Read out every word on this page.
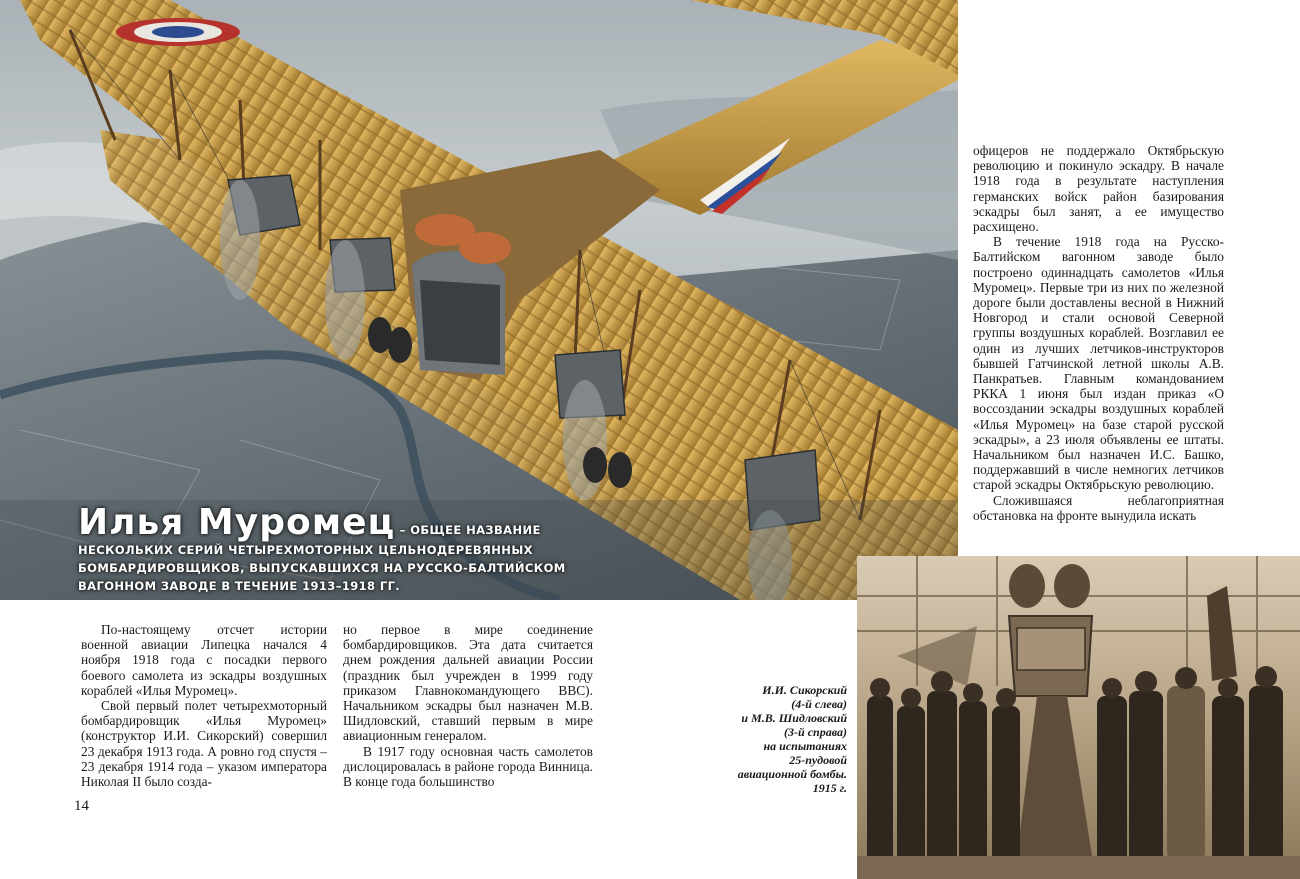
Илья Муромец – ОБЩЕЕ НАЗВАНИЕ НЕСКОЛЬКИХ СЕРИЙ ЧЕТЫРЕХМОТОРНЫХ ЦЕЛЬНОДЕРЕВЯННЫХ БОМБАРДИРОВЩИКОВ, ВЫПУСКАВШИХСЯ НА РУССКО-БАЛТИЙСКОМ ВАГОННОМ ЗАВОДЕ В ТЕЧЕНИЕ 1913–1918 ГГ.

офицеров не поддержало Октябрьскую революцию и покинуло эскадру. В начале 1918 года в результате наступления германских войск район базирования эскадры был занят, а ее имущество расхищено.

В течение 1918 года на Русско-Балтийском вагонном заводе было построено одиннадцать самолетов «Илья Муромец». Первые три из них по железной дороге были доставлены весной в Нижний Новгород и стали основой Северной группы воздушных кораблей. Возглавил ее один из лучших летчиков-инструкторов бывшей Гатчинской летной школы А.В. Панкратьев. Главным командованием РККА 1 июня был издан приказ «О воссоздании эскадры воздушных кораблей «Илья Муромец» на базе старой русской эскадры», а 23 июля объявлены ее штаты. Начальником был назначен И.С. Башко, поддержавший в числе немногих летчиков старой эскадры Октябрьскую революцию.

Сложившаяся неблагоприятная обстановка на фронте вынудила искать

По-настоящему отсчет истории военной авиации Липецка начался 4 ноября 1918 года с посадки первого боевого самолета из эскадры воздушных кораблей «Илья Муромец».

Свой первый полет четырехмоторный бомбардировщик «Илья Муромец» (конструктор И.И. Сикорский) совершил 23 декабря 1913 года. А ровно год спустя – 23 декабря 1914 года – указом императора Николая II было созда-

но первое в мире соединение бомбардировщиков. Эта дата считается днем рождения дальней авиации России (праздник был учрежден в 1999 году приказом Главнокомандующего ВВС). Начальником эскадры был назначен М.В. Шидловский, ставший первым в мире авиационным генералом.

В 1917 году основная часть самолетов дислоцировалась в районе города Винница. В конце года большинство

14
И.И. Сикорский
(4-й слева)
и М.В. Шидловский
(3-й справа)
на испытаниях
25-пудовой
авиационной бомбы.
1915 г.
